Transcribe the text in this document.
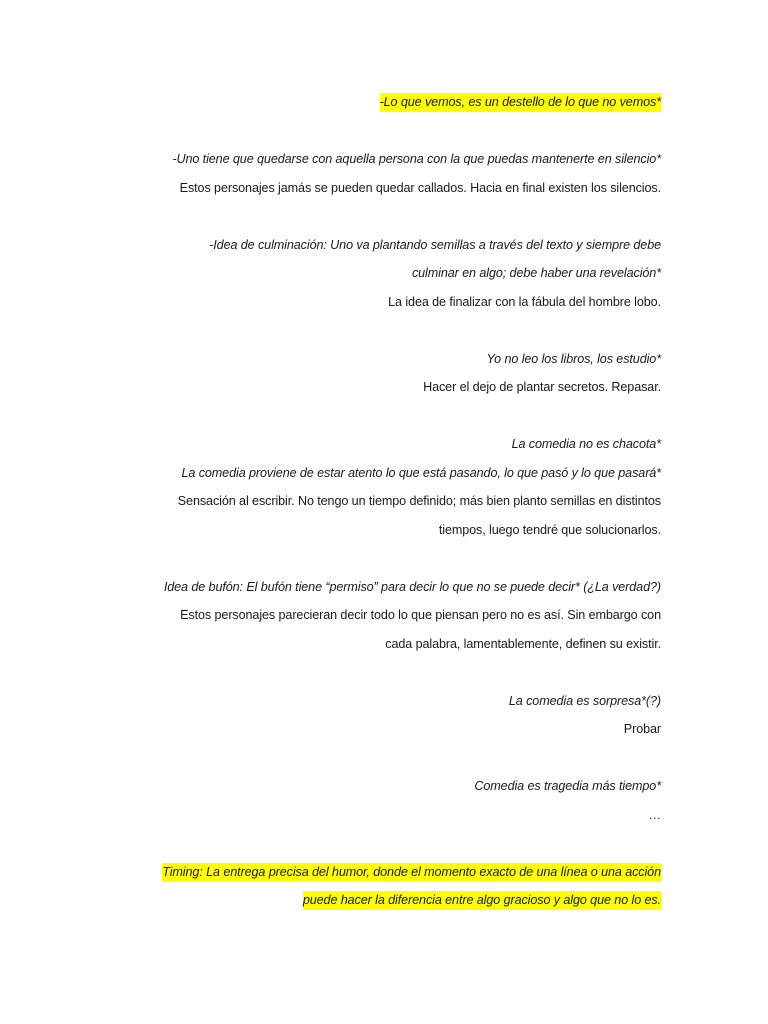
-Lo que vemos, es un destello de lo que no vemos*
-Uno tiene que quedarse con aquella persona con la que puedas mantenerte en silencio*
Estos personajes jamás se pueden quedar callados. Hacia en final existen los silencios.
-Idea de culminación: Uno va plantando semillas a través del texto y siempre debe
culminar en algo; debe haber una revelación*
La idea de finalizar con la fábula del hombre lobo.
Yo no leo los libros, los estudio*
Hacer el dejo de plantar secretos. Repasar.
La comedia no es chacota*
La comedia proviene de estar atento lo que está pasando, lo que pasó y lo que pasará*
Sensación al escribir. No tengo un tiempo definido; más bien planto semillas en distintos
tiempos, luego tendré que solucionarlos.
Idea de bufón: El bufón tiene “permiso” para decir lo que no se puede decir* (¿La verdad?)
Estos personajes parecieran decir todo lo que piensan pero no es así. Sin embargo con
cada palabra, lamentablemente, definen su existir.
La comedia es sorpresa*(?)
Probar
Comedia es tragedia más tiempo*
…
Timing: La entrega precisa del humor, donde el momento exacto de una línea o una acción
puede hacer la diferencia entre algo gracioso y algo que no lo es.
